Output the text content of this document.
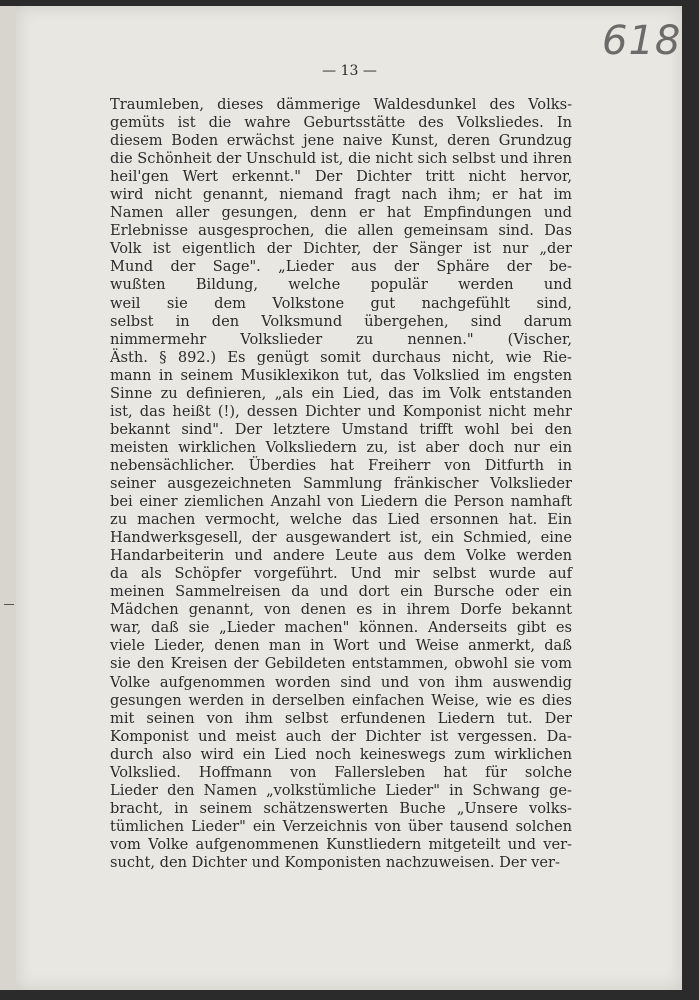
618
— 13 —
Traumleben, dieses dämmerige Waldesdunkel des Volks-
gemüts ist die wahre Geburtsstätte des Volksliedes. In
diesem Boden erwächst jene naive Kunst, deren Grundzug
die Schönheit der Unschuld ist, die nicht sich selbst und ihren
heil'gen Wert erkennt." Der Dichter tritt nicht hervor,
wird nicht genannt, niemand fragt nach ihm; er hat im
Namen aller gesungen, denn er hat Empfindungen und
Erlebnisse ausgesprochen, die allen gemeinsam sind. Das
Volk ist eigentlich der Dichter, der Sänger ist nur „der
Mund der Sage". „Lieder aus der Sphäre der be-
wußten Bildung, welche populär werden und
weil sie dem Volkstone gut nachgefühlt sind,
selbst in den Volksmund übergehen, sind darum
nimmermehr Volkslieder zu nennen." (Vischer,
Ästh. § 892.) Es genügt somit durchaus nicht, wie Rie-
mann in seinem Musiklexikon tut, das Volkslied im engsten
Sinne zu definieren, „als ein Lied, das im Volk entstanden
ist, das heißt (!), dessen Dichter und Komponist nicht mehr
bekannt sind". Der letztere Umstand trifft wohl bei den
meisten wirklichen Volksliedern zu, ist aber doch nur ein
nebensächlicher. Überdies hat Freiherr von Ditfurth in
seiner ausgezeichneten Sammlung fränkischer Volkslieder
bei einer ziemlichen Anzahl von Liedern die Person namhaft
zu machen vermocht, welche das Lied ersonnen hat. Ein
Handwerksgesell, der ausgewandert ist, ein Schmied, eine
Handarbeiterin und andere Leute aus dem Volke werden
da als Schöpfer vorgeführt. Und mir selbst wurde auf
meinen Sammelreisen da und dort ein Bursche oder ein
Mädchen genannt, von denen es in ihrem Dorfe bekannt
war, daß sie „Lieder machen" können. Anderseits gibt es
viele Lieder, denen man in Wort und Weise anmerkt, daß
sie den Kreisen der Gebildeten entstammen, obwohl sie vom
Volke aufgenommen worden sind und von ihm auswendig
gesungen werden in derselben einfachen Weise, wie es dies
mit seinen von ihm selbst erfundenen Liedern tut. Der
Komponist und meist auch der Dichter ist vergessen. Da-
durch also wird ein Lied noch keineswegs zum wirklichen
Volkslied. Hoffmann von Fallersleben hat für solche
Lieder den Namen „volkstümliche Lieder" in Schwang ge-
bracht, in seinem schätzenswerten Buche „Unsere volks-
tümlichen Lieder" ein Verzeichnis von über tausend solchen
vom Volke aufgenommenen Kunstliedern mitgeteilt und ver-
sucht, den Dichter und Komponisten nachzuweisen. Der ver-
